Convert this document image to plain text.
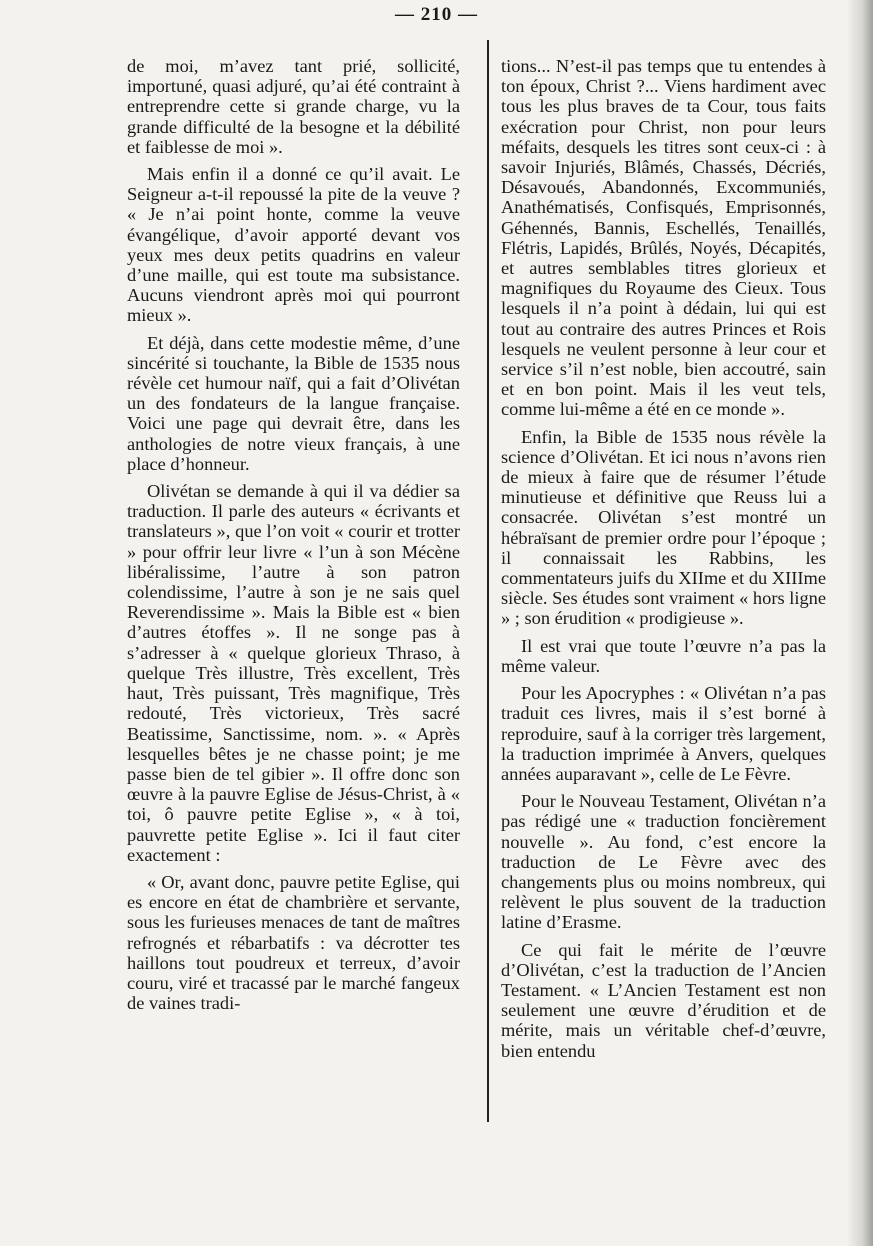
— 210 —

de moi, m’avez tant prié, sollicité, importuné, quasi adjuré, qu’ai été contraint à entreprendre cette si grande charge, vu la grande difficulté de la besogne et la débilité et faiblesse de moi ».

Mais enfin il a donné ce qu’il avait. Le Seigneur a-t-il repoussé la pite de la veuve ? « Je n’ai point honte, comme la veuve évangélique, d’avoir apporté devant vos yeux mes deux petits quadrins en valeur d’une maille, qui est toute ma subsistance. Aucuns viendront après moi qui pourront mieux ».

Et déjà, dans cette modestie même, d’une sincérité si touchante, la Bible de 1535 nous révèle cet humour naïf, qui a fait d’Olivétan un des fondateurs de la langue française. Voici une page qui devrait être, dans les anthologies de notre vieux français, à une place d’honneur.

Olivétan se demande à qui il va dédier sa traduction. Il parle des auteurs « écrivants et translateurs », que l’on voit « courir et trotter » pour offrir leur livre « l’un à son Mécène libéralissime, l’autre à son patron colendissime, l’autre à son je ne sais quel Reverendissime ». Mais la Bible est « bien d’autres étoffes ». Il ne songe pas à s’adresser à « quelque glorieux Thraso, à quelque Très illustre, Très excellent, Très haut, Très puissant, Très magnifique, Très redouté, Très victorieux, Très sacré Beatissime, Sanctissime, nom. ». « Après lesquelles bêtes je ne chasse point; je me passe bien de tel gibier ». Il offre donc son œuvre à la pauvre Eglise de Jésus-Christ, à « toi, ô pauvre petite Eglise », « à toi, pauvrette petite Eglise ». Ici il faut citer exactement :

« Or, avant donc, pauvre petite Eglise, qui es encore en état de chambrière et servante, sous les furieuses menaces de tant de maîtres refrognés et rébarbatifs : va décrotter tes haillons tout poudreux et terreux, d’avoir couru, viré et tracassé par le marché fangeux de vaines tradi-

tions... N’est-il pas temps que tu entendes à ton époux, Christ ?... Viens hardiment avec tous les plus braves de ta Cour, tous faits exécration pour Christ, non pour leurs méfaits, desquels les titres sont ceux-ci : à savoir Injuriés, Blâmés, Chassés, Décriés, Désavoués, Abandonnés, Excommuniés, Anathématisés, Confisqués, Emprisonnés, Géhennés, Bannis, Eschellés, Tenaillés, Flétris, Lapidés, Brûlés, Noyés, Décapités, et autres semblables titres glorieux et magnifiques du Royaume des Cieux. Tous lesquels il n’a point à dédain, lui qui est tout au contraire des autres Princes et Rois lesquels ne veulent personne à leur cour et service s’il n’est noble, bien accoutré, sain et en bon point. Mais il les veut tels, comme lui-même a été en ce monde ».

Enfin, la Bible de 1535 nous révèle la science d’Olivétan. Et ici nous n’avons rien de mieux à faire que de résumer l’étude minutieuse et définitive que Reuss lui a consacrée. Olivétan s’est montré un hébraïsant de premier ordre pour l’époque ; il connaissait les Rabbins, les commentateurs juifs du XIIme et du XIIIme siècle. Ses études sont vraiment « hors ligne » ; son érudition « prodigieuse ».

Il est vrai que toute l’œuvre n’a pas la même valeur.

Pour les Apocryphes : « Olivétan n’a pas traduit ces livres, mais il s’est borné à reproduire, sauf à la corriger très largement, la traduction imprimée à Anvers, quelques années auparavant », celle de Le Fèvre.

Pour le Nouveau Testament, Olivétan n’a pas rédigé une « traduction foncièrement nouvelle ». Au fond, c’est encore la traduction de Le Fèvre avec des changements plus ou moins nombreux, qui relèvent le plus souvent de la traduction latine d’Erasme.

Ce qui fait le mérite de l’œuvre d’Olivétan, c’est la traduction de l’Ancien Testament. « L’Ancien Testament est non seulement une œuvre d’érudition et de mérite, mais un véritable chef-d’œuvre, bien entendu
